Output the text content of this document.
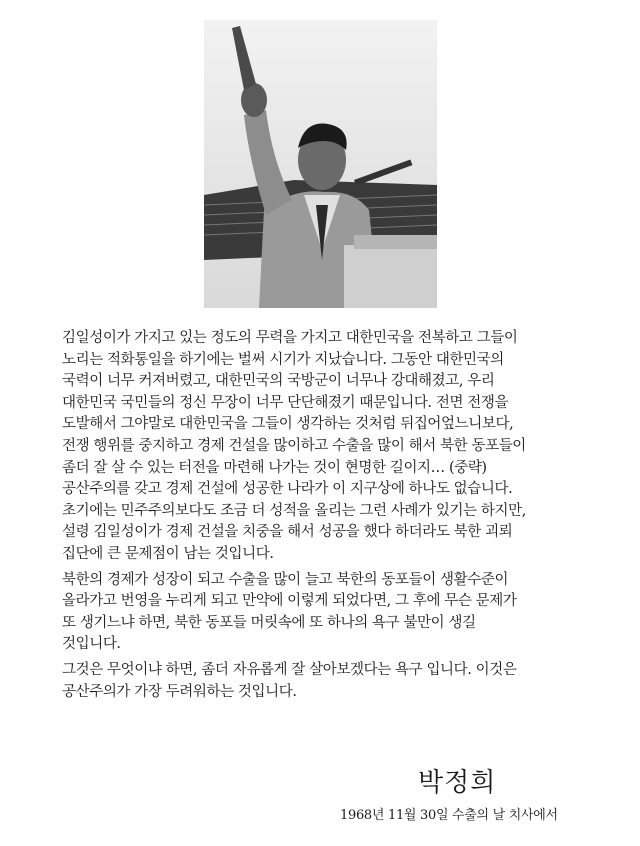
김일성이가 가지고 있는 정도의 무력을 가지고 대한민국을 전복하고 그들이
노리는 적화통일을 하기에는 벌써 시기가 지났습니다. 그동안 대한민국의
국력이 너무 커져버렸고, 대한민국의 국방군이 너무나 강대해졌고, 우리
대한민국 국민들의 정신 무장이 너무 단단해졌기 때문입니다. 전면 전쟁을
도발해서 그야말로 대한민국을 그들이 생각하는 것처럼 뒤집어엎느니보다,
전쟁 행위를 중지하고 경제 건설을 많이하고 수출을 많이 해서 북한 동포들이
좀더 잘 살 수 있는 터전을 마련해 나가는 것이 현명한 길이지… (중략)
공산주의를 갖고 경제 건설에 성공한 나라가 이 지구상에 하나도 없습니다.
초기에는 민주주의보다도 조금 더 성적을 올리는 그런 사례가 있기는 하지만,
설령 김일성이가 경제 건설을 치중을 해서 성공을 했다 하더라도 북한 괴뢰
집단에 큰 문제점이 남는 것입니다.

북한의 경제가 성장이 되고 수출을 많이 늘고 북한의 동포들이 생활수준이
올라가고 번영을 누리게 되고 만약에 이렇게 되었다면, 그 후에 무슨 문제가
또 생기느냐 하면, 북한 동포들 머릿속에 또 하나의 욕구 불만이 생길
것입니다.

그것은 무엇이냐 하면, 좀더 자유롭게 잘 살아보겠다는 욕구 입니다. 이것은
공산주의가 가장 두려워하는 것입니다.

박정희
1968년 11월 30일 수출의 날 치사에서
